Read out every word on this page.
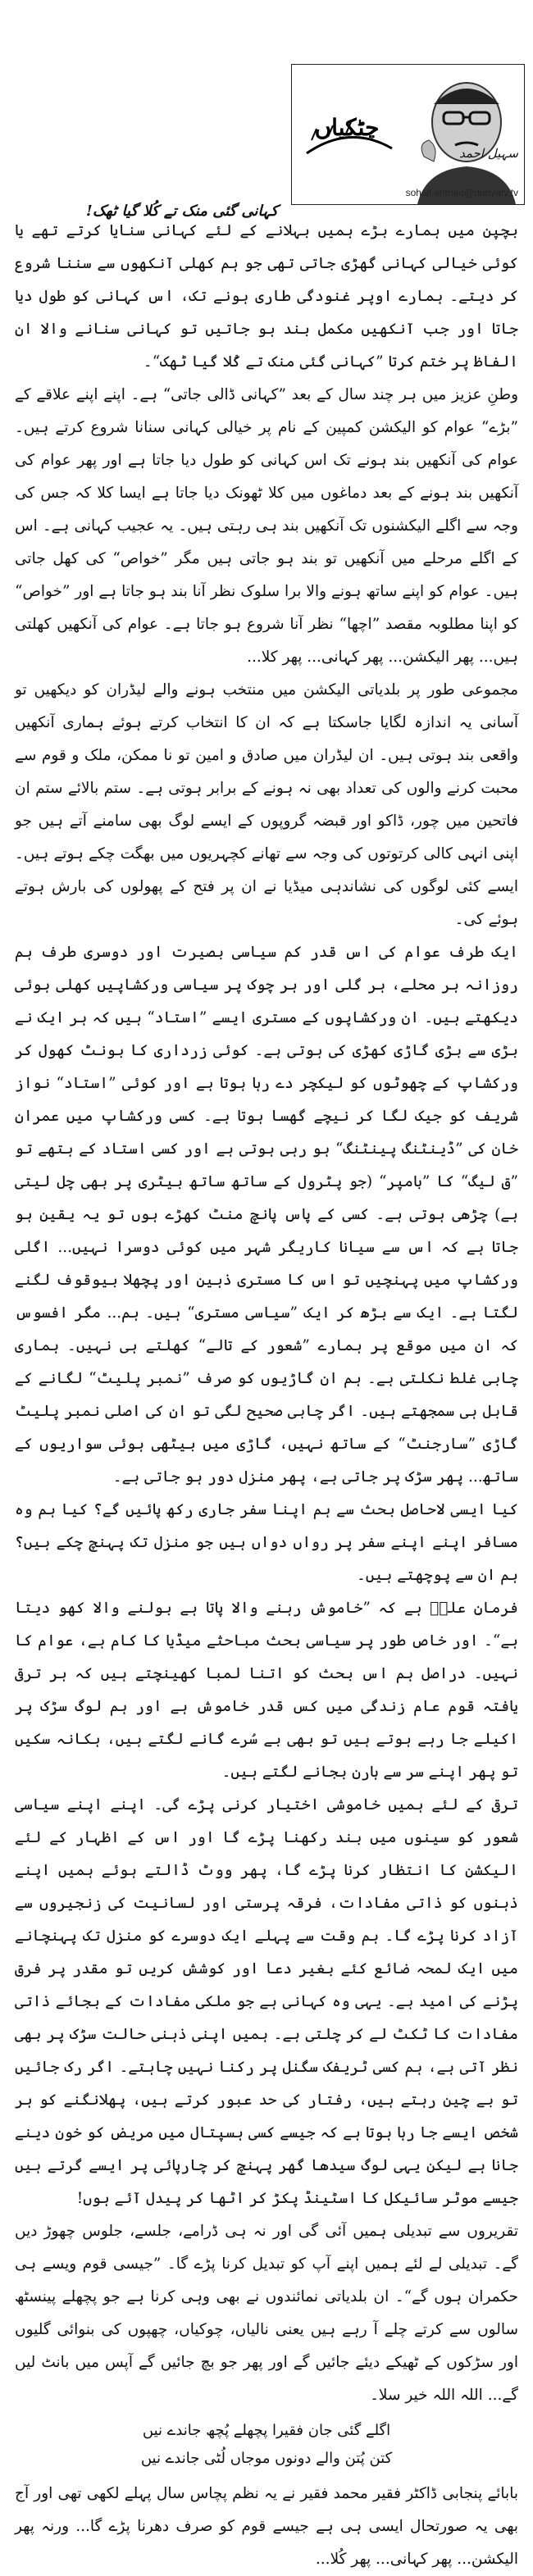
چٹکیاں
کہانی گئی منک تے کُلا گیا ٹھک!
سہیل احمد
sohail.ahmed@dunyatv.tv

بچپن میں ہمارے بڑے ہمیں بہلانے کے لئے کہانی سنایا کرتے تھے یا کوئی خیالی کہانی گھڑی جاتی تھی جو ہم کھلی آنکھوں سے سننا شروع کر دیتے۔ ہمارے اوپر غنودگی طاری ہونے تک، اس کہانی کو طول دیا جاتا اور جب آنکھیں مکمل بند ہو جاتیں تو کہانی سنانے والا ان الفاظ پر ختم کرتا ”کہانی گئی منک تے کُلا گیا ٹھک“۔

وطنِ عزیز میں ہر چند سال کے بعد ”کہانی ڈالی جاتی“ ہے۔ اپنے اپنے علاقے کے ”بڑے“ عوام کو الیکشن کمپین کے نام پر خیالی کہانی سنانا شروع کرتے ہیں۔ عوام کی آنکھیں بند ہونے تک اس کہانی کو طول دیا جاتا ہے اور پھر عوام کی آنکھیں بند ہونے کے بعد دماغوں میں کلا ٹھونک دیا جاتا ہے ایسا کلا کہ جس کی وجہ سے اگلے الیکشنوں تک آنکھیں بند ہی رہتی ہیں۔ یہ عجیب کہانی ہے۔ اس کے اگلے مرحلے میں آنکھیں تو بند ہو جاتی ہیں مگر ”خواص“ کی کھل جاتی ہیں۔ عوام کو اپنے ساتھ ہونے والا برا سلوک نظر آنا بند ہو جاتا ہے اور ”خواص“ کو اپنا مطلوبہ مقصد ”اچھا“ نظر آنا شروع ہو جاتا ہے۔ عوام کی آنکھیں کھلتی ہیں... پھر الیکشن... پھر کہانی... پھر کلا...

مجموعی طور پر بلدیاتی الیکشن میں منتخب ہونے والے لیڈران کو دیکھیں تو آسانی یہ اندازہ لگایا جاسکتا ہے کہ ان کا انتخاب کرتے ہوئے ہماری آنکھیں واقعی بند ہوتی ہیں۔ ان لیڈران میں صادق و امین تو نا ممکن، ملک و قوم سے محبت کرنے والوں کی تعداد بھی نہ ہونے کے برابر ہوتی ہے۔ ستم بالائے ستم ان فاتحین میں چور، ڈاکو اور قبضہ گروپوں کے ایسے لوگ بھی سامنے آتے ہیں جو اپنی انہی کالی کرتوتوں کی وجہ سے تھانے کچہریوں میں بھگت چکے ہوتے ہیں۔ ایسے کئی لوگوں کی نشاندہی میڈیا نے ان پر فتح کے پھولوں کی بارش ہوتے ہوئے کی۔

ایک طرف عوام کی اس قدر کم سیاسی بصیرت اور دوسری طرف ہم روزانہ ہر محلے، ہر گلی اور ہر چوک پر سیاسی ورکشاپیں کھلی ہوئی دیکھتے ہیں۔ ان ورکشاپوں کے مستری ایسے ”استاد“ ہیں کہ ہر ایک نے بڑی سے بڑی گاڑی کھڑی کی ہوتی ہے۔ کوئی زرداری کا بونٹ کھول کر ورکشاپ کے چھوٹوں کو لیکچر دے رہا ہوتا ہے اور کوئی ”استاد“ نواز شریف کو جیک لگا کر نیچے گھسا ہوتا ہے۔ کسی ورکشاپ میں عمران خان کی ”ڈینٹنگ پینٹنگ“ ہو رہی ہوتی ہے اور کسی استاد کے ہتھے تو ”ق لیگ“ کا ”بامپر“ (جو پٹرول کے ساتھ ساتھ بیٹری پر بھی چل لیتی ہے) چڑھی ہوتی ہے۔ کسی کے پاس پانچ منٹ کھڑے ہوں تو یہ یقین ہو جاتا ہے کہ اس سے سیانا کاریگر شہر میں کوئی دوسرا نہیں... اگلی ورکشاپ میں پہنچیں تو اس کا مستری ذہین اور پچھلا بیوقوف لگنے لگتا ہے۔ ایک سے بڑھ کر ایک ”سیاسی مستری“ ہیں۔ ہم... مگر افسوس کہ ان میں موقع پر ہمارے ”شعور کے تالے“ کھلتے ہی نہیں۔ ہماری چابی غلط نکلتی ہے۔ ہم ان گاڑیوں کو صرف ”نمبر پلیٹ“ لگانے کے قابل ہی سمجھتے ہیں۔ اگر چابی صحیح لگی تو ان کی اصلی نمبر پلیٹ گاڑی ”سارجنٹ“ کے ساتھ نہیں، گاڑی میں بیٹھی ہوئی سواریوں کے ساتھ... پھر سڑک پر جاتی ہے، پھر منزل دور ہو جاتی ہے۔

کیا ایسی لاحاصل بحث سے ہم اپنا سفر جاری رکھ پائیں گے؟ کیا ہم وہ مسافر اپنے اپنے سفر پر رواں دواں ہیں جو منزل تک پہنچ چکے ہیں؟ ہم ان سے پوچھتے ہیں۔

فرمانِ علیؓ ہے کہ ”خاموش رہنے والا پاتا ہے بولنے والا کھو دیتا ہے“۔ اور خاص طور پر سیاسی بحث مباحثے میڈیا کا کام ہے، عوام کا نہیں۔ دراصل ہم اس بحث کو اتنا لمبا کھینچتے ہیں کہ ہر ترقی یافتہ قوم عام زندگی میں کس قدر خاموش ہے اور ہم لوگ سڑک پر اکیلے جا رہے ہوتے ہیں تو بھی بے سُرے گانے لگتے ہیں، ہکانہ سکیں تو پھر اپنے سر سے ہارن بجانے لگتے ہیں۔

ترقی کے لئے ہمیں خاموشی اختیار کرنی پڑے گی۔ اپنے اپنے سیاسی شعور کو سینوں میں بند رکھنا پڑے گا اور اس کے اظہار کے لئے الیکشن کا انتظار کرنا پڑے گا، پھر ووٹ ڈالتے ہوئے ہمیں اپنے ذہنوں کو ذاتی مفادات، فرقہ پرستی اور لسانیت کی زنجیروں سے آزاد کرنا پڑے گا۔ ہم وقت سے پہلے ایک دوسرے کو منزل تک پہنچانے میں ایک لمحہ ضائع کئے بغیر دعا اور کوشش کریں تو مقدر پر فرق پڑنے کی امید ہے۔ یہی وہ کہانی ہے جو ملکی مفادات کے بجائے ذاتی مفادات کا ٹکٹ لے کر چلتی ہے۔ ہمیں اپنی ذہنی حالت سڑک پر بھی نظر آتی ہے، ہم کسی ٹریفک سگنل پر رکنا نہیں چاہتے۔ اگر رک جائیں تو بے چین رہتے ہیں، رفتار کی حد عبور کرتے ہیں، پھلانگنے کو ہر شخص ایسے جا رہا ہوتا ہے کہ جیسے کسی ہسپتال میں مریض کو خون دینے جانا ہے لیکن یہی لوگ سیدھا گھر پہنچ کر چارپائی پر ایسے گرتے ہیں جیسے موٹر سائیکل کا اسٹینڈ پکڑ کر اٹھا کر پیدل آئے ہوں!

تقریروں سے تبدیلی ہمیں آئی گی اور نہ ہی ڈرامے، جلسے، جلوس چھوڑ دیں گے۔ تبدیلی لے لئے ہمیں اپنے آپ کو تبدیل کرنا پڑے گا۔ ”جیسی قوم ویسے ہی حکمران ہوں گے“۔ ان بلدیاتی نمائندوں نے بھی وہی کرنا ہے جو پچھلے پینسٹھ سالوں سے کرتے چلے آ رہے ہیں یعنی نالیاں، چوکیاں، چھپوں کی بنوائی گلیوں اور سڑکوں کے ٹھیکے دیئے جائیں گے اور پھر جو بچ جائیں گے آپس میں بانٹ لیں گے... اللہ اللہ خیر سلا۔

اگلے گئی جان فقیرا پچھلے پُچھ جاندے نیں
کتن پُتن والے دونوں موجاں لُٹی جاندے نیں

بابائے پنجابی ڈاکٹر فقیر محمد فقیر نے یہ نظم پچاس سال پہلے لکھی تھی اور آج بھی یہ صورتحال ایسی ہی ہے جیسے قوم کو صرف دھرنا پڑے گا... ورنہ پھر الیکشن... پھر کہانی... پھر کُلا...
